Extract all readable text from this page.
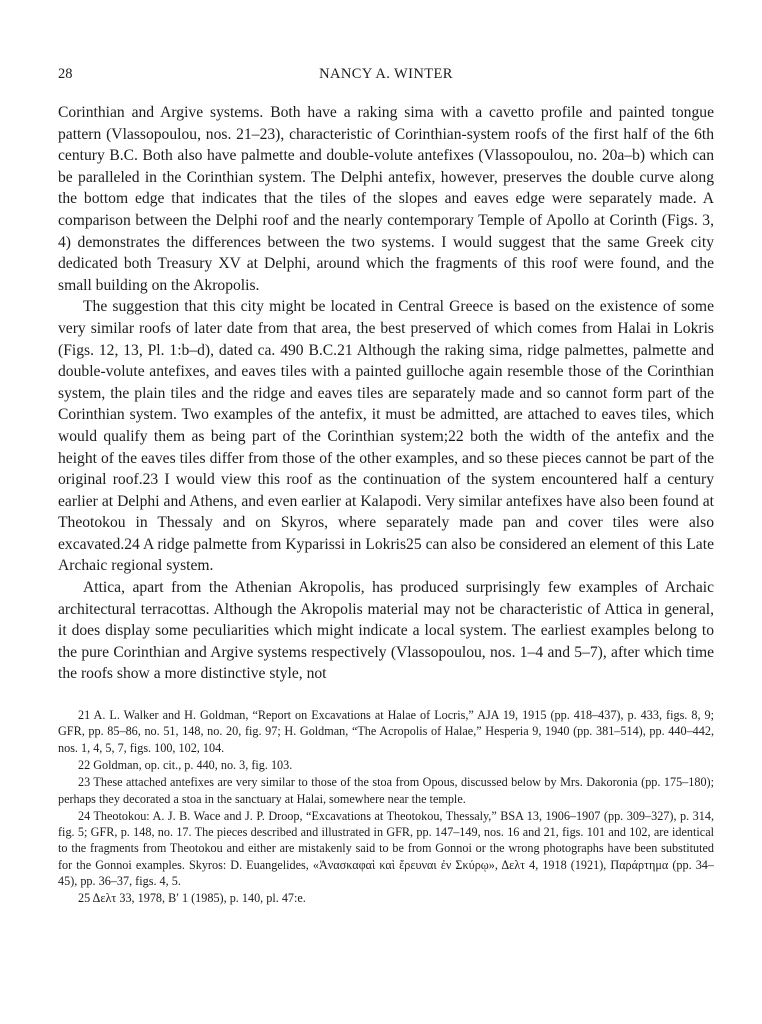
28	NANCY A. WINTER

Corinthian and Argive systems. Both have a raking sima with a cavetto profile and painted tongue pattern (Vlassopoulou, nos. 21–23), characteristic of Corinthian-system roofs of the first half of the 6th century B.C. Both also have palmette and double-volute antefixes (Vlassopoulou, no. 20a–b) which can be paralleled in the Corinthian system. The Delphi antefix, however, preserves the double curve along the bottom edge that indicates that the tiles of the slopes and eaves edge were separately made. A comparison between the Delphi roof and the nearly contemporary Temple of Apollo at Corinth (Figs. 3, 4) demonstrates the differences between the two systems. I would suggest that the same Greek city dedicated both Treasury XV at Delphi, around which the fragments of this roof were found, and the small building on the Akropolis.

The suggestion that this city might be located in Central Greece is based on the existence of some very similar roofs of later date from that area, the best preserved of which comes from Halai in Lokris (Figs. 12, 13, Pl. 1:b–d), dated ca. 490 B.C.21 Although the raking sima, ridge palmettes, palmette and double-volute antefixes, and eaves tiles with a painted guilloche again resemble those of the Corinthian system, the plain tiles and the ridge and eaves tiles are separately made and so cannot form part of the Corinthian system. Two examples of the antefix, it must be admitted, are attached to eaves tiles, which would qualify them as being part of the Corinthian system;22 both the width of the antefix and the height of the eaves tiles differ from those of the other examples, and so these pieces cannot be part of the original roof.23 I would view this roof as the continuation of the system encountered half a century earlier at Delphi and Athens, and even earlier at Kalapodi. Very similar antefixes have also been found at Theotokou in Thessaly and on Skyros, where separately made pan and cover tiles were also excavated.24 A ridge palmette from Kyparissi in Lokris25 can also be considered an element of this Late Archaic regional system.

Attica, apart from the Athenian Akropolis, has produced surprisingly few examples of Archaic architectural terracottas. Although the Akropolis material may not be characteristic of Attica in general, it does display some peculiarities which might indicate a local system. The earliest examples belong to the pure Corinthian and Argive systems respectively (Vlassopoulou, nos. 1–4 and 5–7), after which time the roofs show a more distinctive style, not

21 A. L. Walker and H. Goldman, “Report on Excavations at Halae of Locris,” AJA 19, 1915 (pp. 418–437), p. 433, figs. 8, 9; GFR, pp. 85–86, no. 51, 148, no. 20, fig. 97; H. Goldman, “The Acropolis of Halae,” Hesperia 9, 1940 (pp. 381–514), pp. 440–442, nos. 1, 4, 5, 7, figs. 100, 102, 104.

22 Goldman, op. cit., p. 440, no. 3, fig. 103.

23 These attached antefixes are very similar to those of the stoa from Opous, discussed below by Mrs. Dakoronia (pp. 175–180); perhaps they decorated a stoa in the sanctuary at Halai, somewhere near the temple.

24 Theotokou: A. J. B. Wace and J. P. Droop, “Excavations at Theotokou, Thessaly,” BSA 13, 1906–1907 (pp. 309–327), p. 314, fig. 5; GFR, p. 148, no. 17. The pieces described and illustrated in GFR, pp. 147–149, nos. 16 and 21, figs. 101 and 102, are identical to the fragments from Theotokou and either are mistakenly said to be from Gonnoi or the wrong photographs have been substituted for the Gonnoi examples. Skyros: D. Euangelides, «Ἀνασκαφαὶ καὶ ἔρευναι ἐν Σκύρῳ», Δελτ 4, 1918 (1921), Παράρτημα (pp. 34–45), pp. 36–37, figs. 4, 5.

25 Δελτ 33, 1978, B′ 1 (1985), p. 140, pl. 47:e.
